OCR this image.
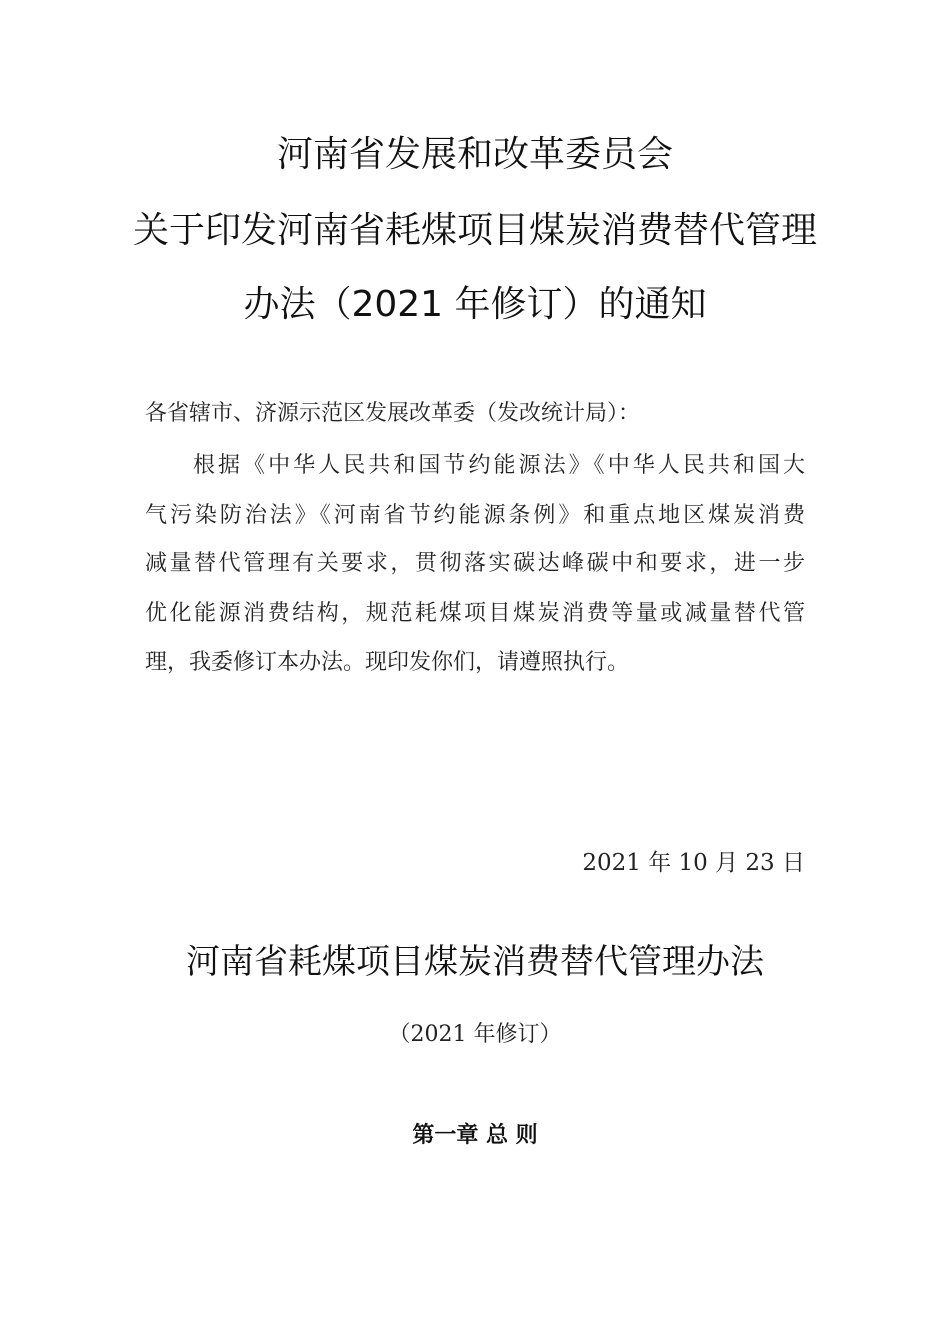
河南省发展和改革委员会
关于印发河南省耗煤项目煤炭消费替代管理
办法（2021 年修订）的通知
各省辖市、济源示范区发展改革委（发改统计局）：

根据《中华人民共和国节约能源法》《中华人民共和国大

气污染防治法》《河南省节约能源条例》和重点地区煤炭消费

减量替代管理有关要求，贯彻落实碳达峰碳中和要求，进一步

优化能源消费结构，规范耗煤项目煤炭消费等量或减量替代管

理，我委修订本办法。现印发你们，请遵照执行。

2021 年 10 月 23 日
河南省耗煤项目煤炭消费替代管理办法
（2021 年修订）
第一章 总 则
